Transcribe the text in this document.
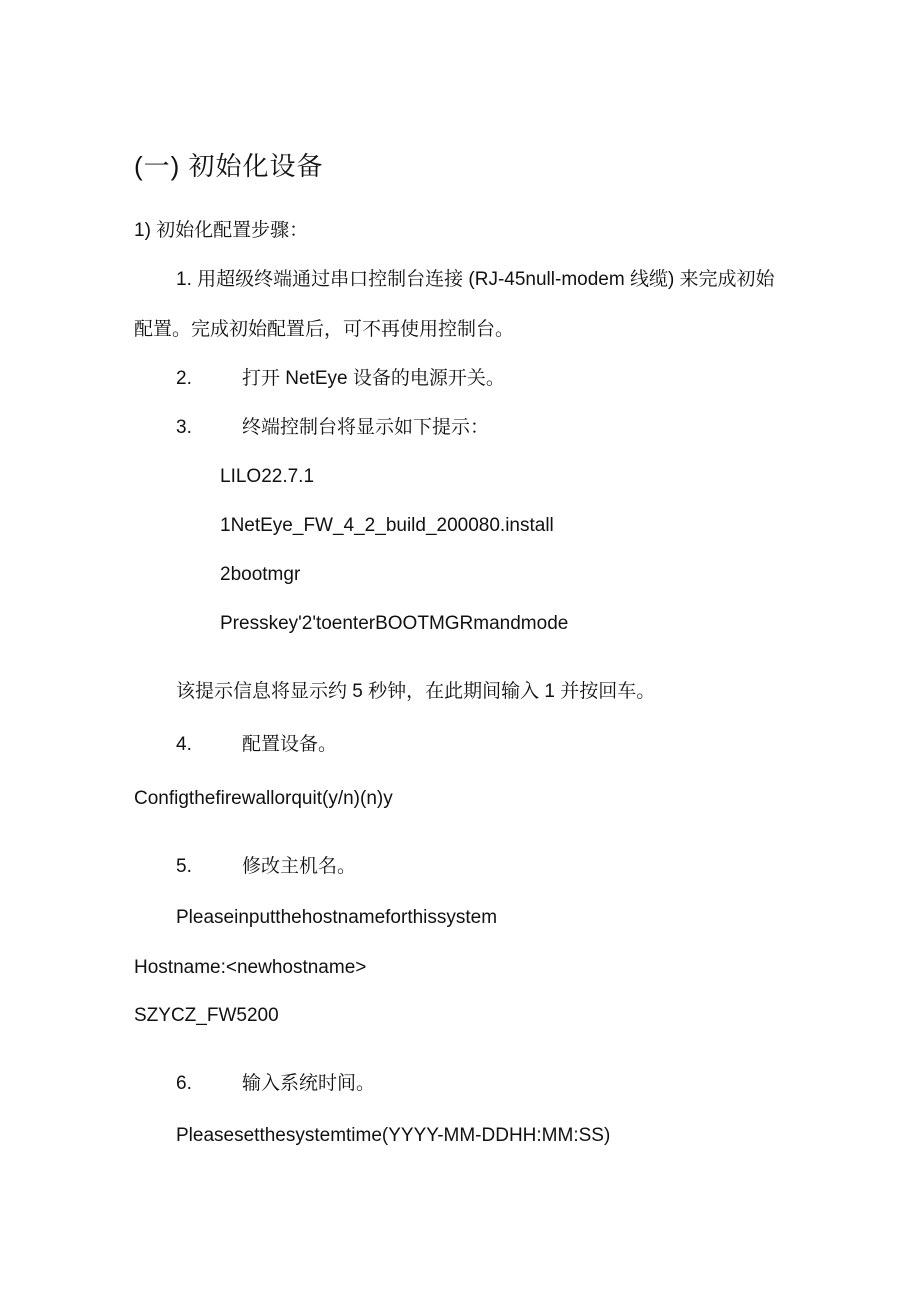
(一) 初始化设备
1) 初始化配置步骤：
1. 用超级终端通过串口控制台连接 (RJ-45null-modem 线缆) 来完成初始
配置。完成初始配置后，可不再使用控制台。
2.	打开 NetEye 设备的电源开关。
3.	终端控制台将显示如下提示：
LILO22.7.1
1NetEye_FW_4_2_build_200080.install
2bootmgr
Presskey'2'toenterBOOTMGRmandmode
该提示信息将显示约 5 秒钟，在此期间输入 1 并按回车。
4.	配置设备。
Configthefirewallorquit(y/n)(n)y
5.	修改主机名。
Pleaseinputthehostnameforthissystem
Hostname:<newhostname>
SZYCZ_FW5200
6.	输入系统时间。
Pleasesetthesystemtime(YYYY-MM-DDHH:MM:SS)
